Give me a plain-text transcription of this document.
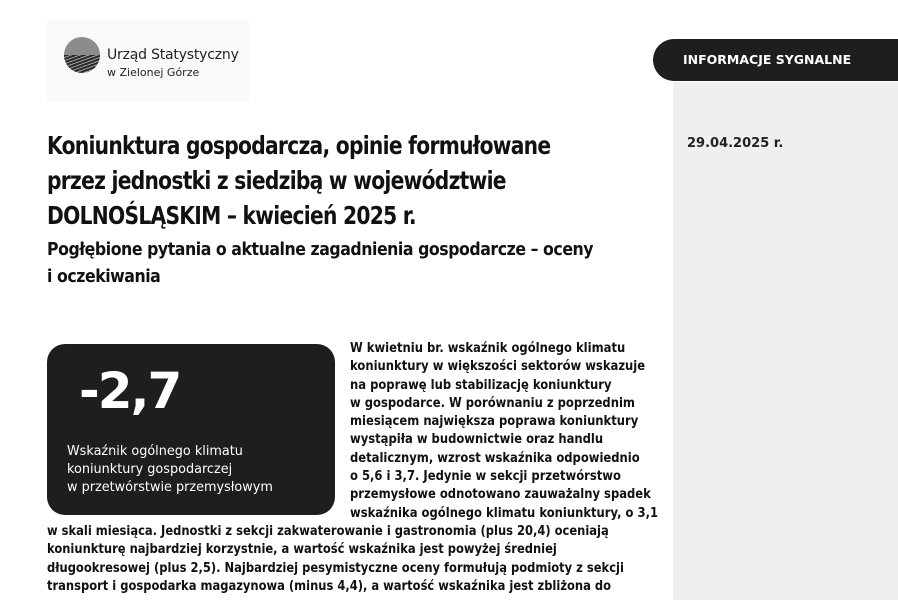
Urząd Statystyczny
w Zielonej Górze
INFORMACJE SYGNALNE
29.04.2025 r.
Koniunktura gospodarcza, opinie formułowane
przez jednostki z siedzibą w województwie
DOLNOŚLĄSKIM – kwiecień 2025 r.
Pogłębione pytania o aktualne zagadnienia gospodarcze – oceny
i oczekiwania
-2,7
Wskaźnik ogólnego klimatu
koniunktury gospodarczej
w przetwórstwie przemysłowym
W kwietniu br. wskaźnik ogólnego klimatu
koniunktury w większości sektorów wskazuje
na poprawę lub stabilizację koniunktury
w gospodarce. W porównaniu z poprzednim
miesiącem największa poprawa koniunktury
wystąpiła w budownictwie oraz handlu
detalicznym, wzrost wskaźnika odpowiednio
o 5,6 i 3,7. Jedynie w sekcji przetwórstwo
przemysłowe odnotowano zauważalny spadek
wskaźnika ogólnego klimatu koniunktury, o 3,1
w skali miesiąca. Jednostki z sekcji zakwaterowanie i gastronomia (plus 20,4) oceniają
koniunkturę najbardziej korzystnie, a wartość wskaźnika jest powyżej średniej
długookresowej (plus 2,5). Najbardziej pesymistyczne oceny formułują podmioty z sekcji
transport i gospodarka magazynowa (minus 4,4), a wartość wskaźnika jest zbliżona do
